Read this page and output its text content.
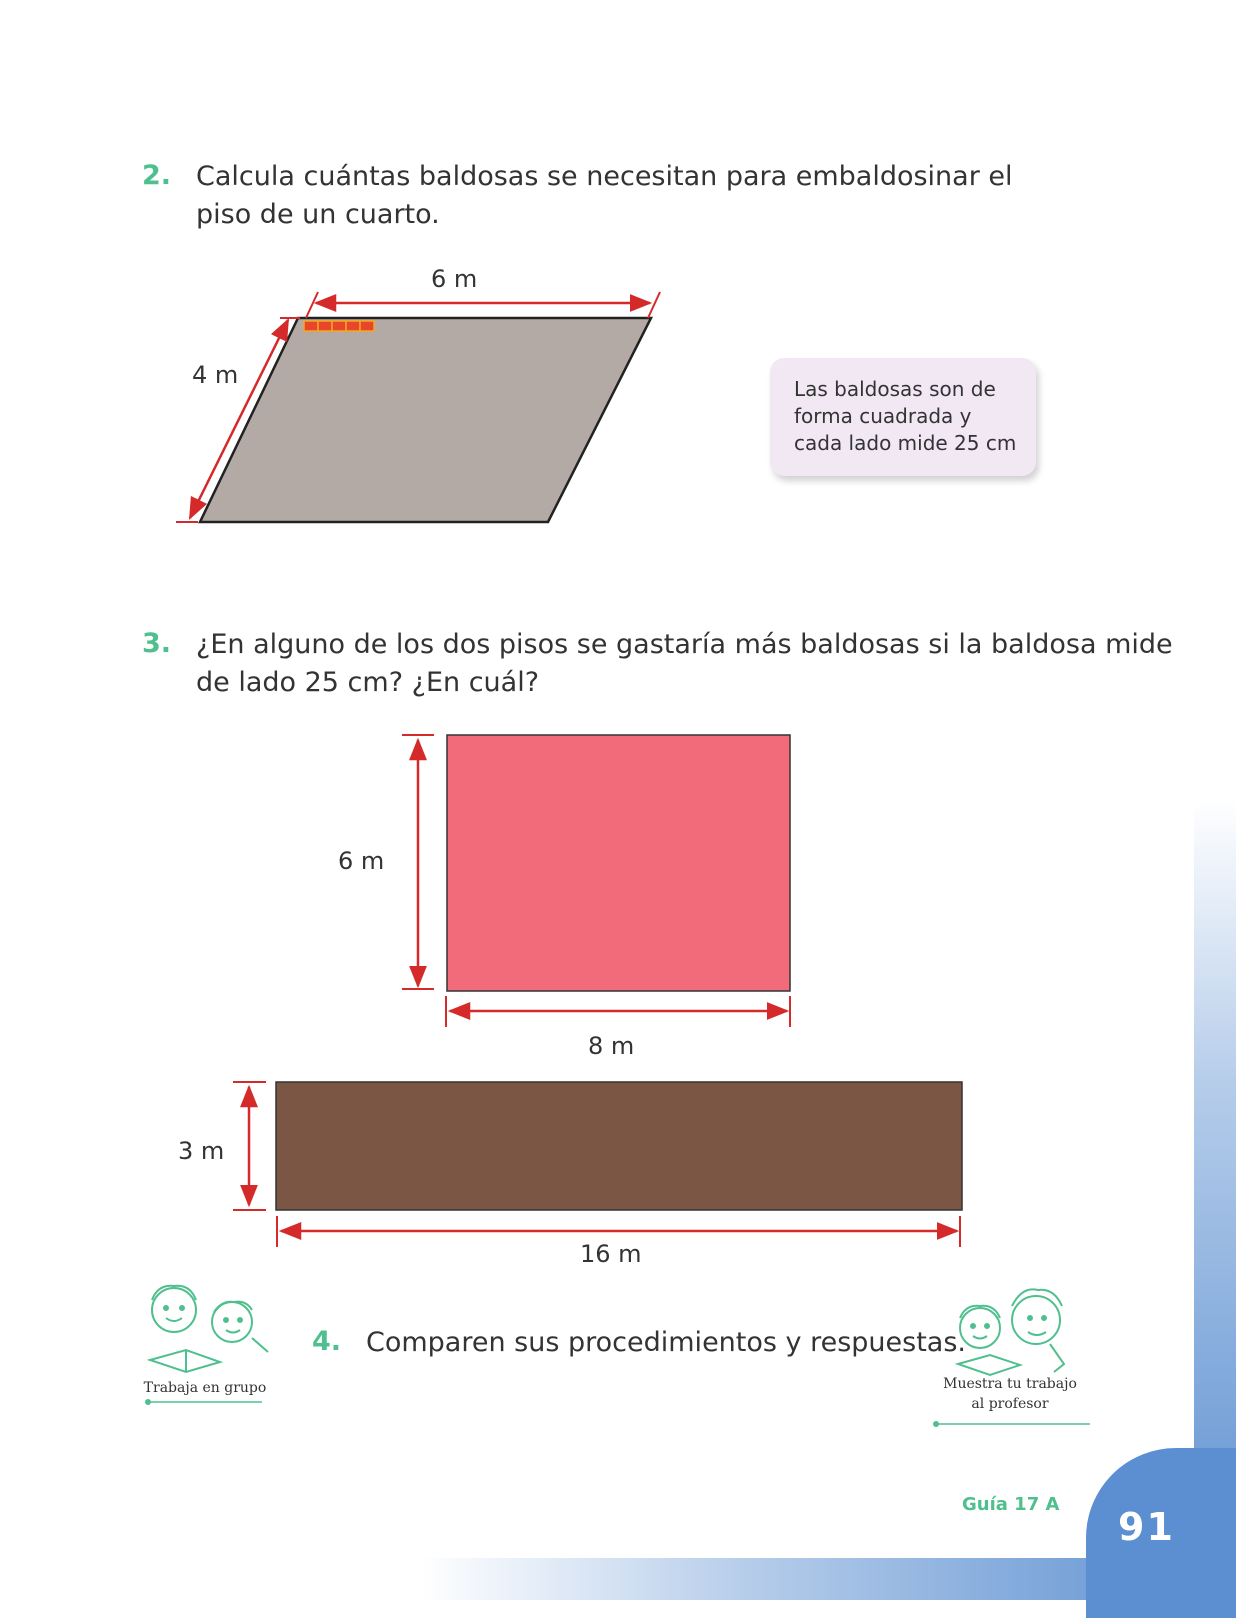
91
Guía 17 A
2. Calcula cuántas baldosas se necesitan para embaldosinar el
piso de un cuarto.
6 m
4 m
6 m
8 m
3 m
16 m
Las baldosas son de
forma cuadrada y
cada lado mide 25 cm
3. ¿En alguno de los dos pisos se gastaría más baldosas si la baldosa mide
de lado 25 cm? ¿En cuál?
4. Comparen sus procedimientos y respuestas.
Trabaja en grupo	Muestra tu trabajo
al profesor
